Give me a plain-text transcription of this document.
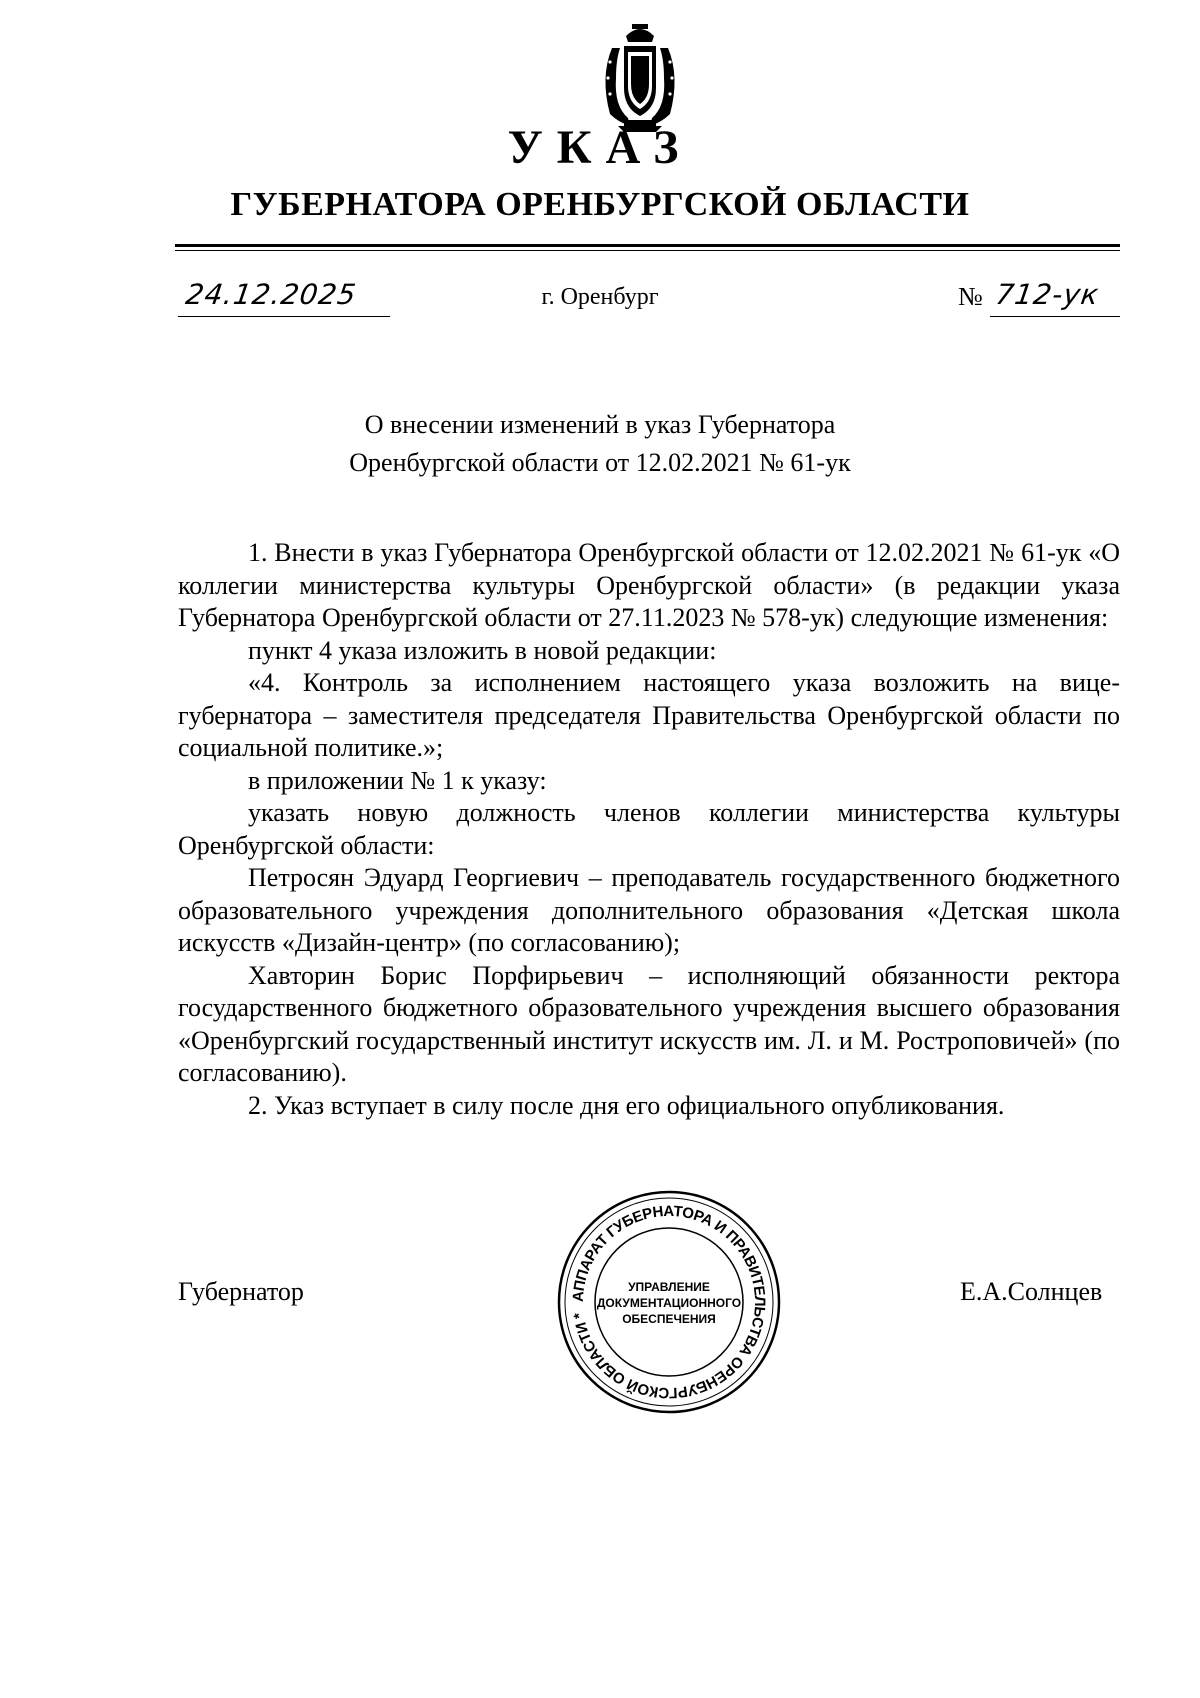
УКАЗ
ГУБЕРНАТОРА ОРЕНБУРГСКОЙ ОБЛАСТИ
24.12.2025	г. Оренбург	№ 712-ук
О внесении изменений в указ Губернатора
Оренбургской области от 12.02.2021 № 61-ук

1. Внести в указ Губернатора Оренбургской области от 12.02.2021 № 61-ук «О коллегии министерства культуры Оренбургской области» (в редакции указа Губернатора Оренбургской области от 27.11.2023 № 578-ук) следующие изменения:

пункт 4 указа изложить в новой редакции:

«4. Контроль за исполнением настоящего указа возложить на вице-губернатора – заместителя председателя Правительства Оренбургской области по социальной политике.»;

в приложении № 1 к указу:

указать новую должность членов коллегии министерства культуры Оренбургской области:

Петросян Эдуард Георгиевич – преподаватель государственного бюджетного образовательного учреждения дополнительного образования «Детская школа искусств «Дизайн-центр» (по согласованию);

Хавторин Борис Порфирьевич – исполняющий обязанности ректора государственного бюджетного образовательного учреждения высшего образования «Оренбургский государственный институт искусств им. Л. и М. Ростроповичей» (по согласованию).

2. Указ вступает в силу после дня его официального опубликования.

Губернатор	Е.А.Солнцев
АППАРАТ ГУБЕРНАТОРА И ПРАВИТЕЛЬСТВА ОРЕНБУРГСКОЙ ОБЛАСТИ *
УПРАВЛЕНИЕ
ДОКУМЕНТАЦИОННОГО
ОБЕСПЕЧЕНИЯ
